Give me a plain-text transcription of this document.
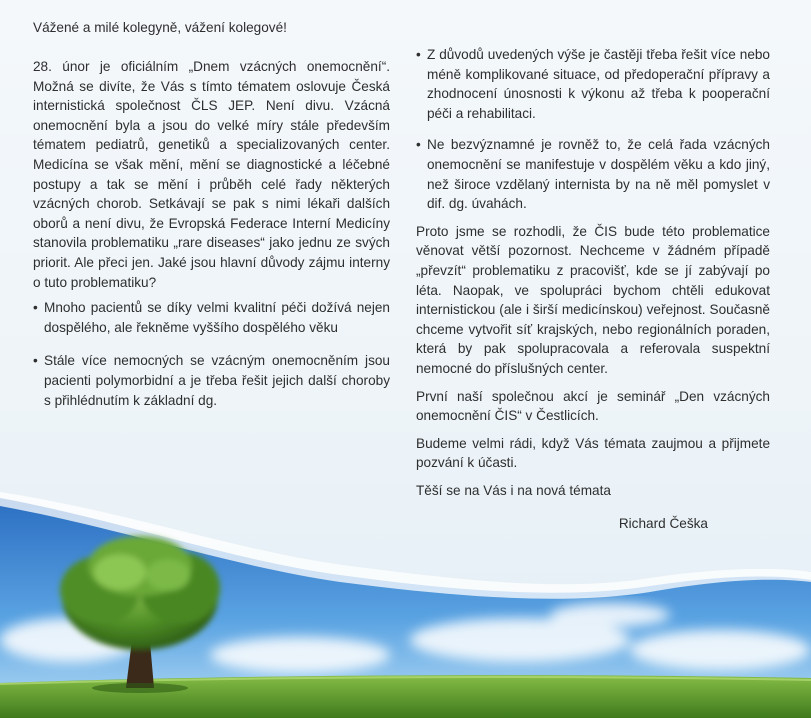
Vážené a milé kolegyně, vážení kolegové!

28. únor je oficiálním „Dnem vzácných onemocnění“. Možná se divíte, že Vás s tímto tématem oslovuje Česká internistická společnost ČLS JEP. Není divu. Vzácná onemocnění byla a jsou do velké míry stále především tématem pediatrů, genetiků a specializovaných center. Medicína se však mění, mění se diagnostické a léčebné postupy a tak se mění i průběh celé řady některých vzácných chorob. Setkávají se pak s nimi lékaři dalších oborů a není divu, že Evropská Federace Interní Medicíny stanovila problematiku „rare diseases“ jako jednu ze svých priorit. Ale přeci jen. Jaké jsou hlavní důvody zájmu interny o tuto problematiku?

• Mnoho pacientů se díky velmi kvalitní péči dožívá nejen dospělého, ale řekněme vyššího dospělého věku

• Stále více nemocných se vzácným onemocněním jsou pacienti polymorbidní a je třeba řešit jejich další choroby s přihlédnutím k základní dg.

• Z důvodů uvedených výše je častěji třeba řešit více nebo méně komplikované situace, od předoperační přípravy a zhodnocení únosnosti k výkonu až třeba k pooperační péči a rehabilitaci.

• Ne bezvýznamné je rovněž to, že celá řada vzácných onemocnění se manifestuje v dospělém věku a kdo jiný, než široce vzdělaný internista by na ně měl pomyslet v dif. dg. úvahách.

Proto jsme se rozhodli, že ČIS bude této problematice věnovat větší pozornost. Nechceme v žádném případě „převzít“ problematiku z pracovišť, kde se jí zabývají po léta. Naopak, ve spolupráci bychom chtěli edukovat internistickou (ale i širší medicínskou) veřejnost. Současně chceme vytvořit síť krajských, nebo regionálních poraden, která by pak spolupracovala a referovala suspektní nemocné do příslušných center.

První naší společnou akcí je seminář „Den vzácných onemocnění ČIS“ v Čestlicích.

Budeme velmi rádi, když Vás témata zaujmou a přijmete pozvání k účasti.

Těší se na Vás i na nová témata

Richard Češka
